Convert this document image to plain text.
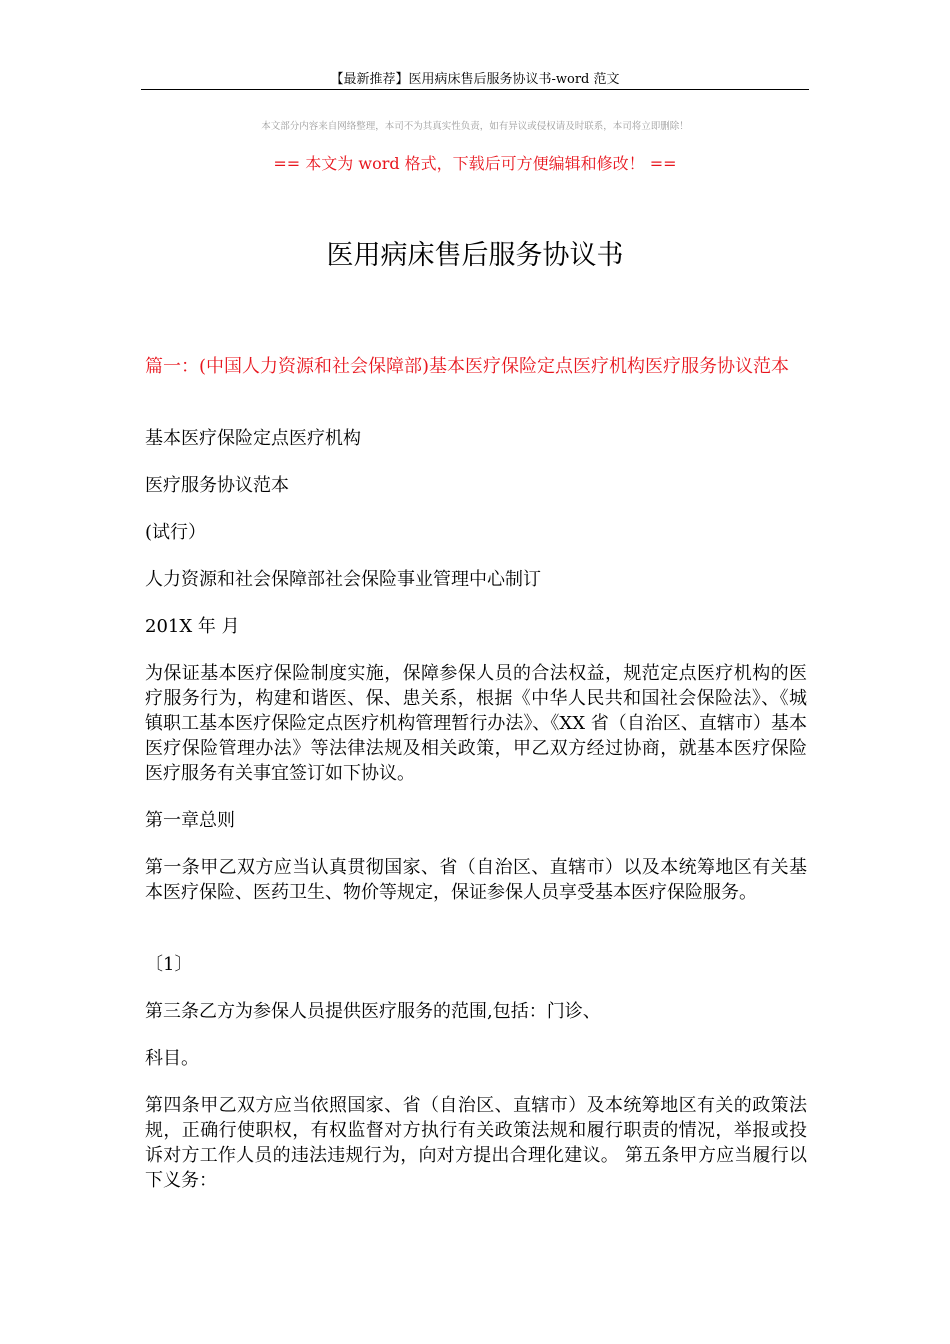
【最新推荐】医用病床售后服务协议书-word 范文
本文部分内容来自网络整理，本司不为其真实性负责，如有异议或侵权请及时联系，本司将立即删除！
== 本文为 word 格式，下载后可方便编辑和修改！ ==
医用病床售后服务协议书

篇一：(中国人力资源和社会保障部)基本医疗保险定点医疗机构医疗服务协议范本

基本医疗保险定点医疗机构

医疗服务协议范本

(试行）

人力资源和社会保障部社会保险事业管理中心制订

201X 年 月

为保证基本医疗保险制度实施，保障参保人员的合法权益，规范定点医疗机构的医疗服务行为，构建和谐医、保、患关系，根据《中华人民共和国社会保险法》、《城镇职工基本医疗保险定点医疗机构管理暂行办法》、《XX 省（自治区、直辖市）基本医疗保险管理办法》等法律法规及相关政策，甲乙双方经过协商，就基本医疗保险医疗服务有关事宜签订如下协议。

第一章总则

第一条甲乙双方应当认真贯彻国家、省（自治区、直辖市）以及本统筹地区有关基本医疗保险、医药卫生、物价等规定，保证参保人员享受基本医疗保险服务。

〔1〕

第三条乙方为参保人员提供医疗服务的范围,包括：门诊、

科目。

第四条甲乙双方应当依照国家、省（自治区、直辖市）及本统筹地区有关的政策法规，正确行使职权，有权监督对方执行有关政策法规和履行职责的情况，举报或投诉对方工作人员的违法违规行为，向对方提出合理化建议。 第五条甲方应当履行以下义务：
